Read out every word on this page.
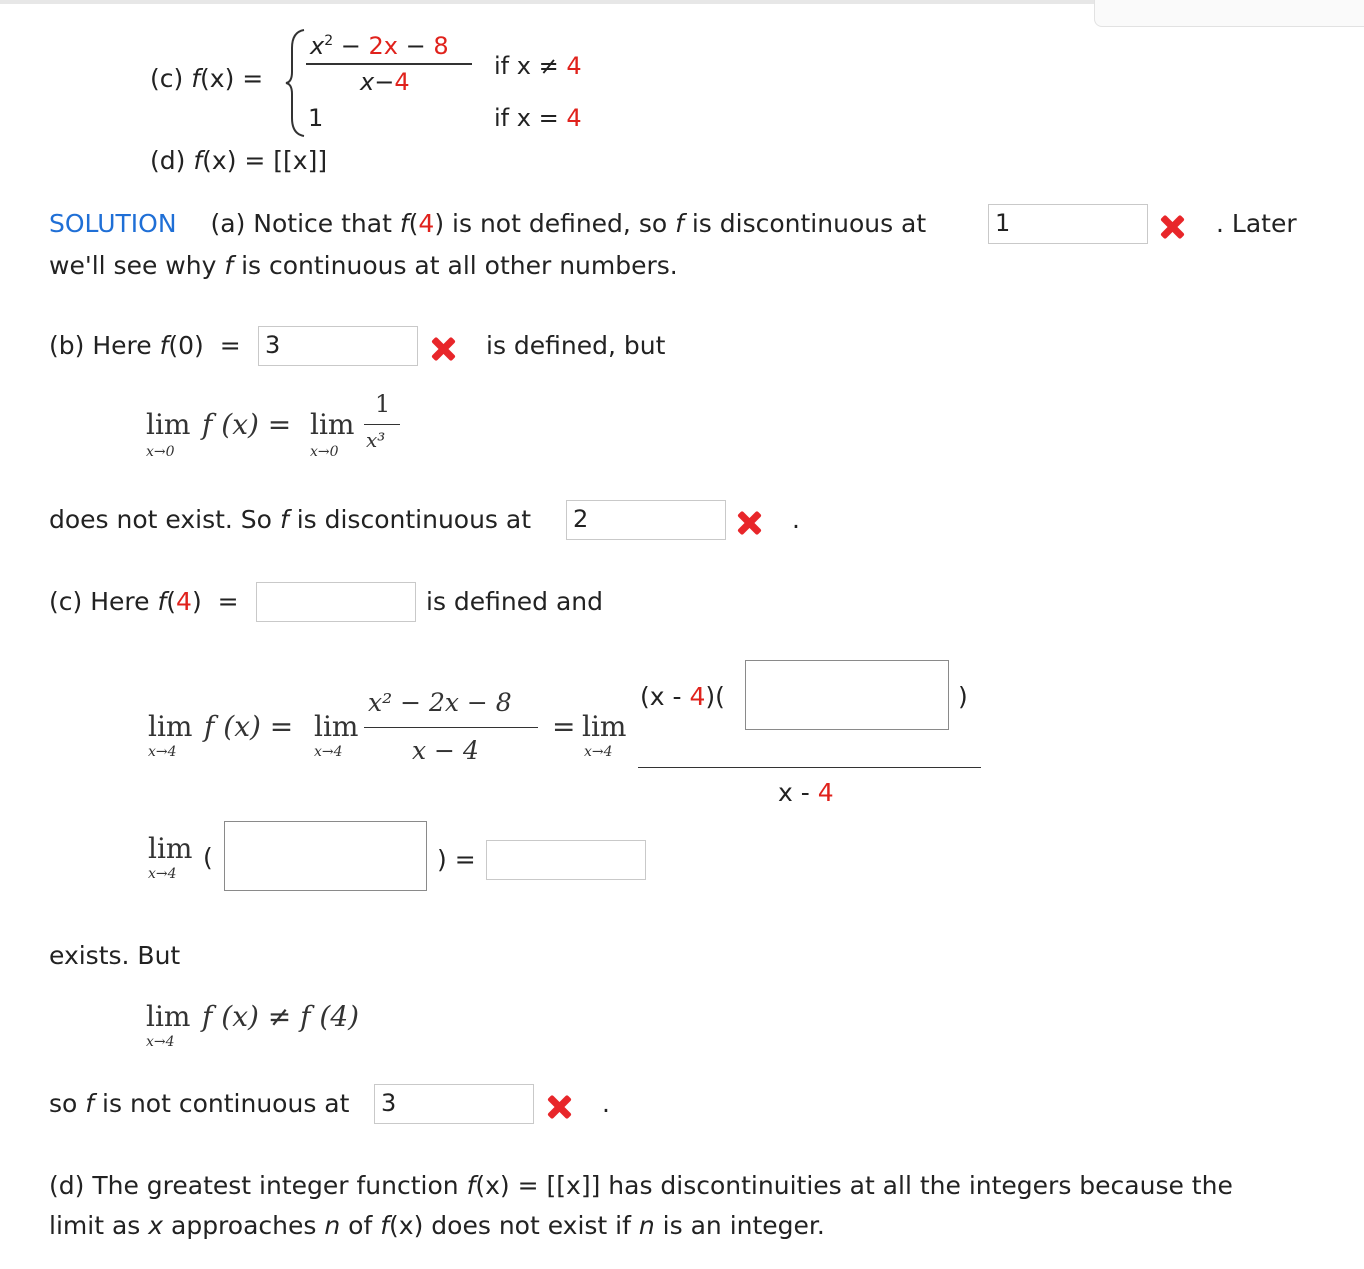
(c) f(x) =
$x^2 - 2x - 8$
x−4
1
if x ≠ 4
if x = 4
(d) f(x) = [[x]]
SOLUTION (a) Notice that f(4) is not defined, so f is discontinuous at	1	. Later
we'll see why f is continuous at all other numbers.
(b) Here f(0) = 3	is defined, but
lim
x→0
f (x) = lim
x→0
1
x³
does not exist. So f is discontinuous at 2	.
(c) Here f(4) =	is defined and
lim
x→4
f (x) = lim
x→4
x² − 2x − 8
x − 4
= lim
x→4
(x - 4)(	)
x - 4
lim
x→4
(	) =
exists. But
lim
x→4
f (x) ≠ f (4)
so f is not continuous at 3	.
(d) The greatest integer function f(x) = [[x]] has discontinuities at all the integers because the
limit as x approaches n of f(x) does not exist if n is an integer.
